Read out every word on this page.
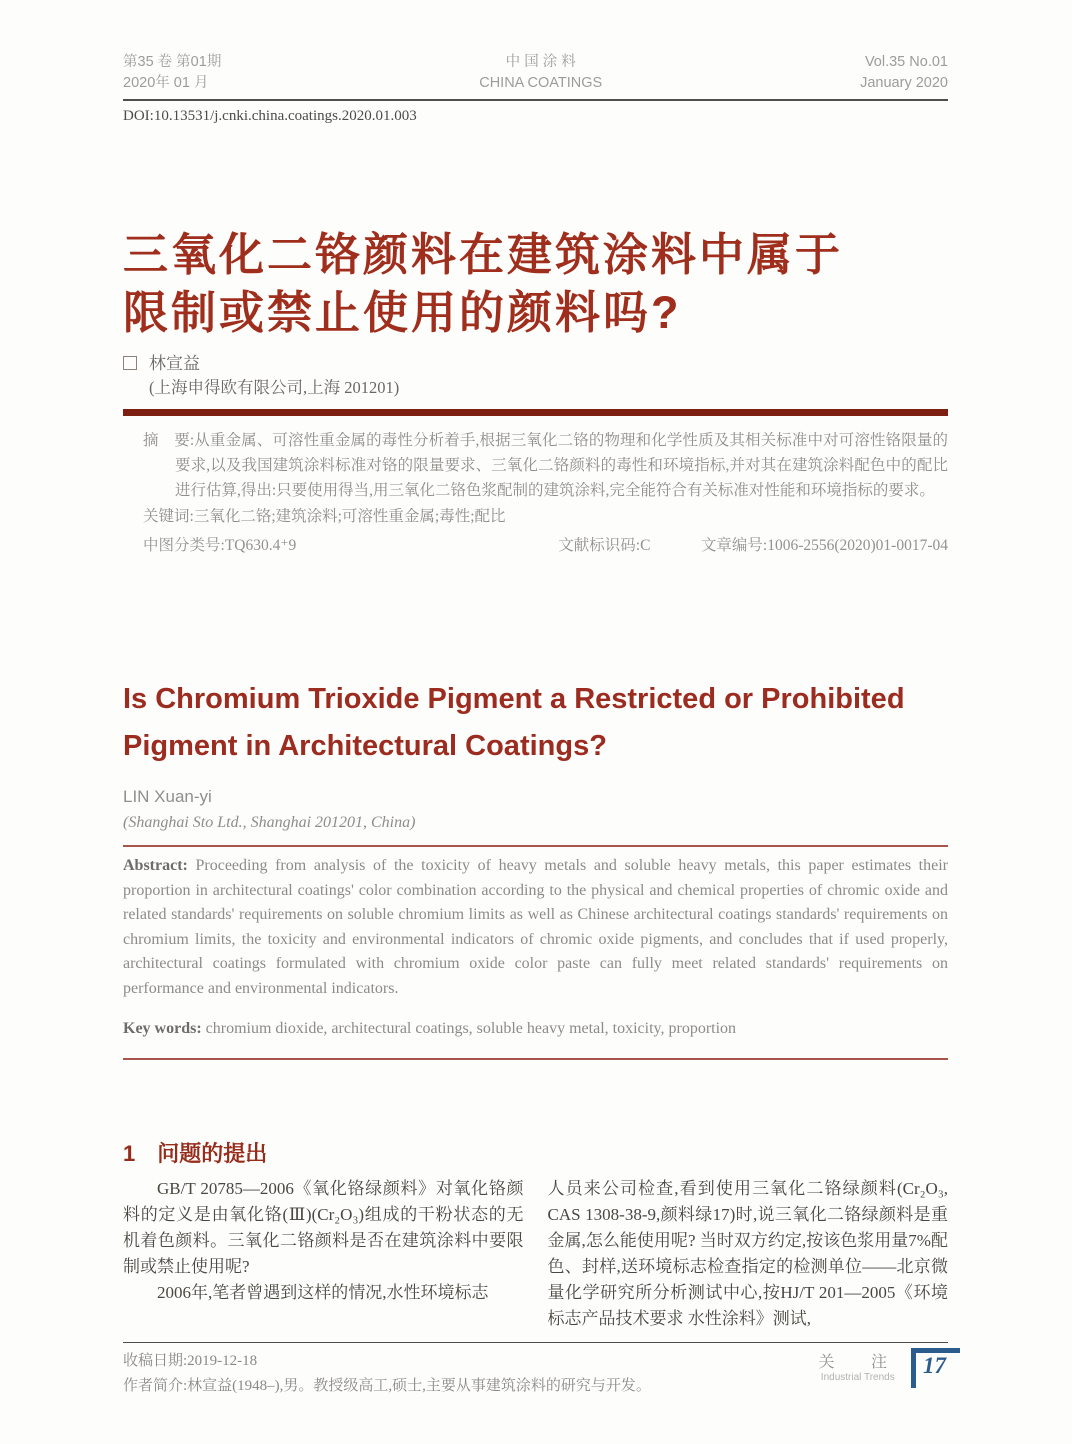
第35 卷 第01期
2020年 01 月
中 国 涂 料
CHINA COATINGS
Vol.35 No.01
January 2020
DOI:10.13531/j.cnki.china.coatings.2020.01.003
三氧化二铬颜料在建筑涂料中属于
限制或禁止使用的颜料吗?
林宣益
(上海申得欧有限公司,上海 201201)

摘　要:从重金属、可溶性重金属的毒性分析着手,根据三氧化二铬的物理和化学性质及其相关标准中对可溶性铬限量的要求,以及我国建筑涂料标准对铬的限量要求、三氧化二铬颜料的毒性和环境指标,并对其在建筑涂料配色中的配比进行估算,得出:只要使用得当,用三氧化二铬色浆配制的建筑涂料,完全能符合有关标准对性能和环境指标的要求。

关键词:三氧化二铬;建筑涂料;可溶性重金属;毒性;配比

中图分类号:TQ630.4⁺9	文献标识码:C	文章编号:1006-2556(2020)01-0017-04
Is Chromium Trioxide Pigment a Restricted or Prohibited
Pigment in Architectural Coatings?
LIN Xuan-yi
(Shanghai Sto Ltd., Shanghai 201201, China)

Abstract: Proceeding from analysis of the toxicity of heavy metals and soluble heavy metals, this paper estimates their proportion in architectural coatings' color combination according to the physical and chemical properties of chromic oxide and related standards' requirements on soluble chromium limits as well as Chinese architectural coatings standards' requirements on chromium limits, the toxicity and environmental indicators of chromic oxide pigments, and concludes that if used properly, architectural coatings formulated with chromium oxide color paste can fully meet related standards' requirements on performance and environmental indicators.

Key words: chromium dioxide, architectural coatings, soluble heavy metal, toxicity, proportion

1 问题的提出

GB/T 20785—2006《氧化铬绿颜料》对氧化铬颜料的定义是由氧化铬(Ⅲ)(Cr₂O₃)组成的干粉状态的无机着色颜料。三氧化二铬颜料是否在建筑涂料中要限制或禁止使用呢?

2006年,笔者曾遇到这样的情况,水性环境标志

人员来公司检查,看到使用三氧化二铬绿颜料(Cr₂O₃, CAS 1308-38-9,颜料绿17)时,说三氧化二铬绿颜料是重金属,怎么能使用呢? 当时双方约定,按该色浆用量7%配色、封样,送环境标志检查指定的检测单位——北京微量化学研究所分析测试中心,按HJ/T 201—2005《环境标志产品技术要求 水性涂料》测试,

收稿日期:2019-12-18

作者简介:林宣益(1948–),男。教授级高工,硕士,主要从事建筑涂料的研究与开发。

关 注
Industrial Trends	17
